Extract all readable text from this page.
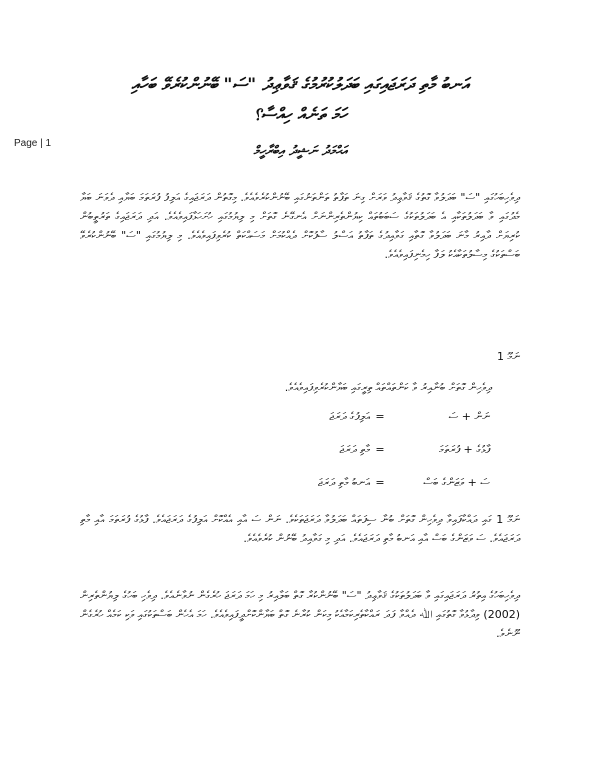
Page | 1
އަނބު މާތި ދަރަޖައިގައި ބަދަލުކުރުމުގެ ޤަވާޢިދު "ސަ" ބޭނުންކުރެވޭ ބަހާއި
ހަމަ ތަނެއް ހިއްސާ؟
އަޙްމަދު ނަޝީދު އިބްރާހީމް
ދިވެހިބަހުގައި "ސަ" ބަދަލުވާ ގޮތުގެ ޤަވާޢިދު ވަރަށް ގިނަ ތަފާތު ތަންތަނުގައި ބޭނުންކުރެވެއެވެ. މިގޮތުން ދަރަޖައިގެ އަލިފު ފުރަތަމަ ބަޔާއި ދެވަނަ ބަޔާ މެދުގައި ވާ ބަދަލުތަކާއި އެ ބަދަލުތަކުގެ ސަބަބުތައް ކިޔުންތެރިންނަށް އެނގޭނެ ގޮތަށް މި ލިޔުމުގައި ހުށަހަޅާފައިވެއެވެ. އަދި ދަރަޖައިގެ ތަރުތީބުން ކުރިޔަށް ދާއިރު މާނަ ބަދަލުވާ ގޮތާއި ގަވާއިދުގެ ތަފާތު އަސްލު ސާފުކޮށް ދެއްކުމަށް މަސައްކަތް ކުރެވިފައިވެއެވެ. މި ލިޔުމުގައި "ސަ" ބޭނުންކުރެވޭ ބަސްތަކުގެ މިސާލުތަކާއެކު ލަފާ ހިމެނިފައިވެއެވެ.
ނަމޫ 1
ދިވެހިން ގޮތަށް ބުނާއިރު ވާ ކަންތައްތައް ތިރީގައި ބަޔާންކުރެވިފައިވެއެވެ.
ނަން + ސަ
=
އަލިފުގެ ދަރަޖަ
ފާޅުގެ + ފުރަތަމަ
=
މާތި ދަރަޖަ
ސަ + ވަޒަންގެ ބަސް
=
އަނބު މާތި ދަރަޖަ
ނަމޫ 1 ގައި ދައްކާފައިވާ ދިވެހިން ގޮތަށް ބުނާ ސިފަތައް ބަދަލުވާ ދަރަޖަތަކެވެ. ނަން ސަ އާއި އެއްކޮށް އަލިފުގެ ދަރަޖައެވެ. ފާޅުގެ ފުރަތަމަ އާއި މާތި ދަރަޖައެވެ. ސަ ވަޒަންގެ ބަސް އާއި އަނބު މާތި ދަރަޖައެވެ. އަދި މި ގަވާއިދު ބޭނުން ކުރެވެއެވެ.
ދިވެހިބަހުގެ އިތުރު ދަރަޖައިގައި ވާ ބަދަލުތަކުގެ ޤަވާޢިދު "ސަ" ބޭނުންކުރާ ގޮތް ބަލާއިރު މި ހަމަ ދަރަޖަ ހުރެގެން ނުވާނެއެވެ. ދިވެހި ބަހުގެ ލިޔުންތެރިން (2002) ވިދާޅުވާ ގޮތުގައި ﷲ ދެއްވާ ފަދަ ރައްކާތެރިކަމާއެކު މިކަން ކުރާނެ ގޮތް ބަޔާންކޮށްދީފައިވެއެވެ. ހަމަ އެހެން ބަސްތަކުގައި ވަކި ކަމެއް ހުރެގެން ނޫނެވެ.
